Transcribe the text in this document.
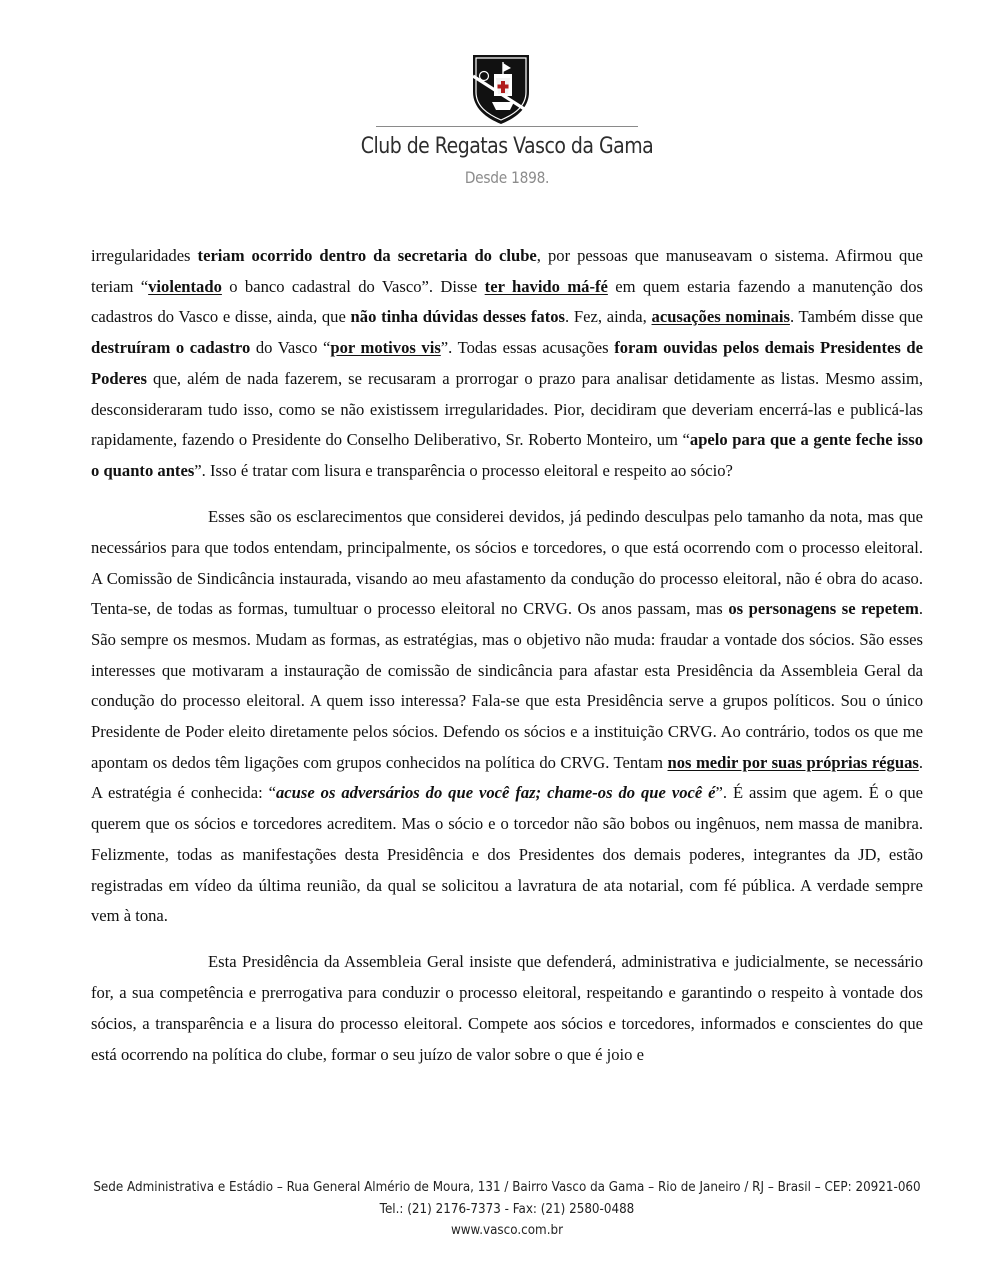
Club de Regatas Vasco da Gama
Desde 1898.

irregularidades teriam ocorrido dentro da secretaria do clube, por pessoas que manuseavam o sistema. Afirmou que teriam “violentado o banco cadastral do Vasco”. Disse ter havido má-fé em quem estaria fazendo a manutenção dos cadastros do Vasco e disse, ainda, que não tinha dúvidas desses fatos. Fez, ainda, acusações nominais. Também disse que destruíram o cadastro do Vasco “por motivos vis”. Todas essas acusações foram ouvidas pelos demais Presidentes de Poderes que, além de nada fazerem, se recusaram a prorrogar o prazo para analisar detidamente as listas. Mesmo assim, desconsideraram tudo isso, como se não existissem irregularidades. Pior, decidiram que deveriam encerrá-las e publicá-las rapidamente, fazendo o Presidente do Conselho Deliberativo, Sr. Roberto Monteiro, um “apelo para que a gente feche isso o quanto antes”. Isso é tratar com lisura e transparência o processo eleitoral e respeito ao sócio?

Esses são os esclarecimentos que considerei devidos, já pedindo desculpas pelo tamanho da nota, mas que necessários para que todos entendam, principalmente, os sócios e torcedores, o que está ocorrendo com o processo eleitoral. A Comissão de Sindicância instaurada, visando ao meu afastamento da condução do processo eleitoral, não é obra do acaso. Tenta-se, de todas as formas, tumultuar o processo eleitoral no CRVG. Os anos passam, mas os personagens se repetem. São sempre os mesmos. Mudam as formas, as estratégias, mas o objetivo não muda: fraudar a vontade dos sócios. São esses interesses que motivaram a instauração de comissão de sindicância para afastar esta Presidência da Assembleia Geral da condução do processo eleitoral. A quem isso interessa? Fala-se que esta Presidência serve a grupos políticos. Sou o único Presidente de Poder eleito diretamente pelos sócios. Defendo os sócios e a instituição CRVG. Ao contrário, todos os que me apontam os dedos têm ligações com grupos conhecidos na política do CRVG. Tentam nos medir por suas próprias réguas. A estratégia é conhecida: “acuse os adversários do que você faz; chame-os do que você é”. É assim que agem. É o que querem que os sócios e torcedores acreditem. Mas o sócio e o torcedor não são bobos ou ingênuos, nem massa de manibra. Felizmente, todas as manifestações desta Presidência e dos Presidentes dos demais poderes, integrantes da JD, estão registradas em vídeo da última reunião, da qual se solicitou a lavratura de ata notarial, com fé pública. A verdade sempre vem à tona.

Esta Presidência da Assembleia Geral insiste que defenderá, administrativa e judicialmente, se necessário for, a sua competência e prerrogativa para conduzir o processo eleitoral, respeitando e garantindo o respeito à vontade dos sócios, a transparência e a lisura do processo eleitoral. Compete aos sócios e torcedores, informados e conscientes do que está ocorrendo na política do clube, formar o seu juízo de valor sobre o que é joio e

Sede Administrativa e Estádio – Rua General Almério de Moura, 131 / Bairro Vasco da Gama – Rio de Janeiro / RJ – Brasil – CEP: 20921-060
Tel.: (21) 2176-7373 - Fax: (21) 2580-0488
www.vasco.com.br
